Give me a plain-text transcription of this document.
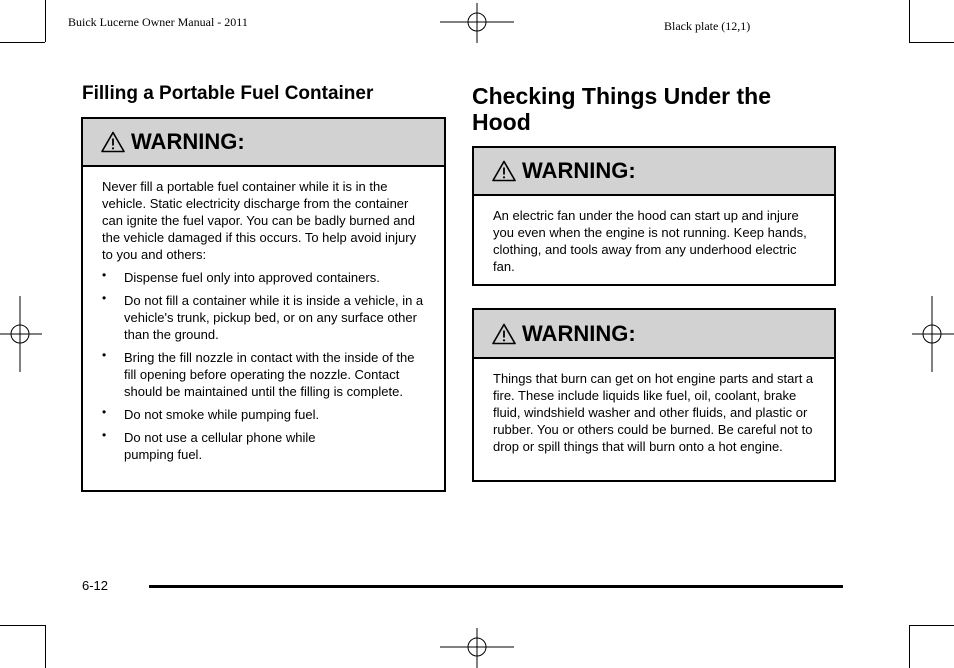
Buick Lucerne Owner Manual - 2011	Black plate (12,1)
Filling a Portable Fuel Container
WARNING:

Never fill a portable fuel container while it is in the vehicle. Static electricity discharge from the container can ignite the fuel vapor. You can be badly burned and the vehicle damaged if this occurs. To help avoid injury to you and others:

• Dispense fuel only into approved containers.
• Do not fill a container while it is inside a vehicle, in a vehicle's trunk, pickup bed, or on any surface other than the ground.
• Bring the fill nozzle in contact with the inside of the fill opening before operating the nozzle. Contact should be maintained until the filling is complete.
• Do not smoke while pumping fuel.
• Do not use a cellular phone while pumping fuel.
Checking Things Under the Hood
WARNING:

An electric fan under the hood can start up and injure you even when the engine is not running. Keep hands, clothing, and tools away from any underhood electric fan.

WARNING:

Things that burn can get on hot engine parts and start a fire. These include liquids like fuel, oil, coolant, brake fluid, windshield washer and other fluids, and plastic or rubber. You or others could be burned. Be careful not to drop or spill things that will burn onto a hot engine.

6-12
